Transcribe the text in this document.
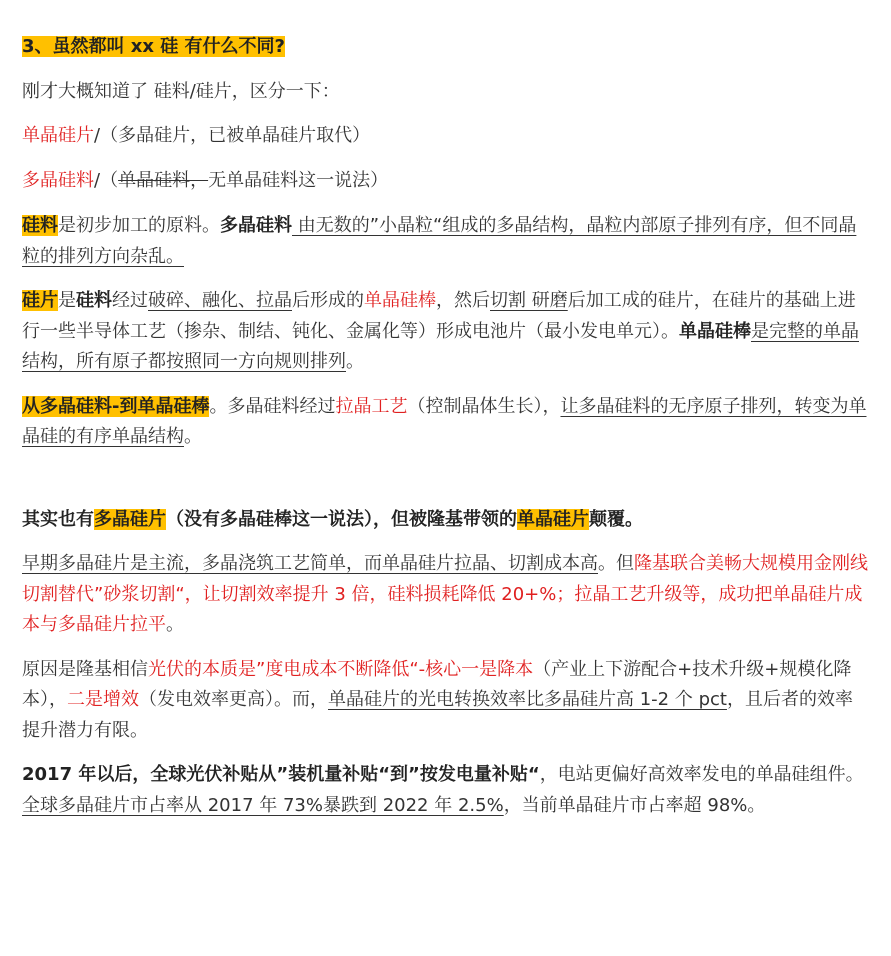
3、虽然都叫 xx 硅 有什么不同?

刚才大概知道了 硅料/硅片，区分一下：

单晶硅片/（多晶硅片，已被单晶硅片取代）

多晶硅料/（单晶硅料，无单晶硅料这一说法）

硅料是初步加工的原料。多晶硅料 由无数的”小晶粒“组成的多晶结构，晶粒内部原子排列有序，但不同晶粒的排列方向杂乱。

硅片是硅料经过破碎、融化、拉晶后形成的单晶硅棒，然后切割 研磨后加工成的硅片，在硅片的基础上进行一些半导体工艺（掺杂、制结、钝化、金属化等）形成电池片（最小发电单元）。单晶硅棒是完整的单晶结构，所有原子都按照同一方向规则排列。

从多晶硅料-到单晶硅棒。多晶硅料经过拉晶工艺（控制晶体生长），让多晶硅料的无序原子排列，转变为单晶硅的有序单晶结构。

其实也有多晶硅片（没有多晶硅棒这一说法），但被隆基带领的单晶硅片颠覆。

早期多晶硅片是主流，多晶浇筑工艺简单，而单晶硅片拉晶、切割成本高。但隆基联合美畅大规模用金刚线切割替代”砂浆切割“，让切割效率提升 3 倍，硅料损耗降低 20+%；拉晶工艺升级等，成功把单晶硅片成本与多晶硅片拉平。

原因是隆基相信光伏的本质是”度电成本不断降低“-核心一是降本（产业上下游配合+技术升级+规模化降本），二是增效（发电效率更高）。而，单晶硅片的光电转换效率比多晶硅片高 1-2 个 pct，且后者的效率提升潜力有限。

2017 年以后，全球光伏补贴从”装机量补贴“到”按发电量补贴“，电站更偏好高效率发电的单晶硅组件。全球多晶硅片市占率从 2017 年 73%暴跌到 2022 年 2.5%，当前单晶硅片市占率超 98%。
